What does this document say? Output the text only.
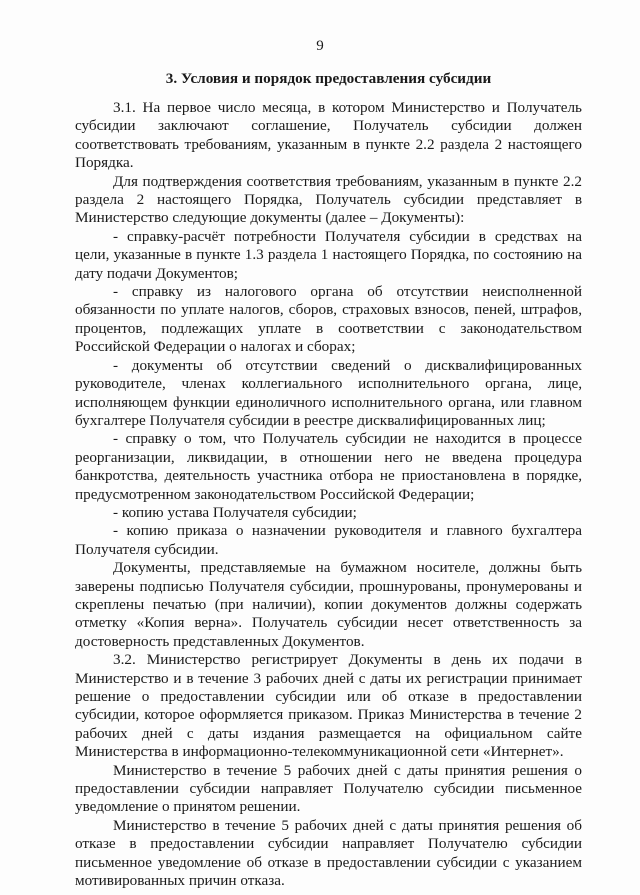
9
3. Условия и порядок предоставления субсидии

3.1. На первое число месяца, в котором Министерство и Получатель субсидии заключают соглашение, Получатель субсидии должен соответствовать требованиям, указанным в пункте 2.2 раздела 2 настоящего Порядка.

Для подтверждения соответствия требованиям, указанным в пункте 2.2 раздела 2 настоящего Порядка, Получатель субсидии представляет в Министерство следующие документы (далее – Документы):

- справку-расчёт потребности Получателя субсидии в средствах на цели, указанные в пункте 1.3 раздела 1 настоящего Порядка, по состоянию на дату подачи Документов;

- справку из налогового органа об отсутствии неисполненной обязанности по уплате налогов, сборов, страховых взносов, пеней, штрафов, процентов, подлежащих уплате в соответствии с законодательством Российской Федерации о налогах и сборах;

- документы об отсутствии сведений о дисквалифицированных руководителе, членах коллегиального исполнительного органа, лице, исполняющем функции единоличного исполнительного органа, или главном бухгалтере Получателя субсидии в реестре дисквалифицированных лиц;

- справку о том, что Получатель субсидии не находится в процессе реорганизации, ликвидации, в отношении него не введена процедура банкротства, деятельность участника отбора не приостановлена в порядке, предусмотренном законодательством Российской Федерации;

- копию устава Получателя субсидии;

- копию приказа о назначении руководителя и главного бухгалтера Получателя субсидии.

Документы, представляемые на бумажном носителе, должны быть заверены подписью Получателя субсидии, прошнурованы, пронумерованы и скреплены печатью (при наличии), копии документов должны содержать отметку «Копия верна». Получатель субсидии несет ответственность за достоверность представленных Документов.

3.2. Министерство регистрирует Документы в день их подачи в Министерство и в течение 3 рабочих дней с даты их регистрации принимает решение о предоставлении субсидии или об отказе в предоставлении субсидии, которое оформляется приказом. Приказ Министерства в течение 2 рабочих дней с даты издания размещается на официальном сайте Министерства в информационно-телекоммуникационной сети «Интернет».

Министерство в течение 5 рабочих дней с даты принятия решения о предоставлении субсидии направляет Получателю субсидии письменное уведомление о принятом решении.

Министерство в течение 5 рабочих дней с даты принятия решения об отказе в предоставлении субсидии направляет Получателю субсидии письменное уведомление об отказе в предоставлении субсидии с указанием мотивированных причин отказа.
